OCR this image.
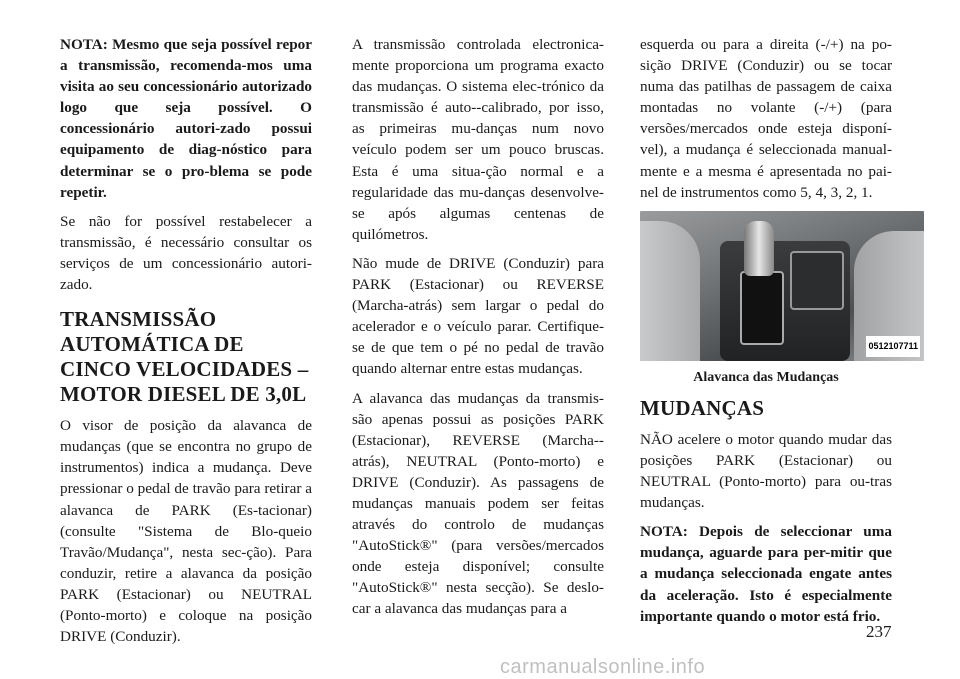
NOTA: Mesmo que seja possível repor a transmissão, recomenda-mos uma visita ao seu concessionário autorizado logo que seja possível. O concessionário autori-zado possui equipamento de diag-nóstico para determinar se o pro-blema se pode repetir.

Se não for possível restabelecer a transmissão, é necessário consultar os serviços de um concessionário autori-zado.

TRANSMISSÃO AUTOMÁTICA DE CINCO VELOCIDADES – MOTOR DIESEL DE 3,0L

O visor de posição da alavanca de mudanças (que se encontra no grupo de instrumentos) indica a mudança. Deve pressionar o pedal de travão para retirar a alavanca de PARK (Es-tacionar) (consulte "Sistema de Blo-queio Travão/Mudança", nesta sec-ção). Para conduzir, retire a alavanca da posição PARK (Estacionar) ou NEUTRAL (Ponto-morto) e coloque na posição DRIVE (Conduzir).

A transmissão controlada electronica-mente proporciona um programa exacto das mudanças. O sistema elec-trónico da transmissão é auto--calibrado, por isso, as primeiras mu-danças num novo veículo podem ser um pouco bruscas. Esta é uma situa-ção normal e a regularidade das mu-danças desenvolve-se após algumas centenas de quilómetros.

Não mude de DRIVE (Conduzir) para PARK (Estacionar) ou REVERSE (Marcha-atrás) sem largar o pedal do acelerador e o veículo parar. Certifique-se de que tem o pé no pedal de travão quando alternar entre estas mudanças.

A alavanca das mudanças da transmis-são apenas possui as posições PARK (Estacionar), REVERSE (Marcha--atrás), NEUTRAL (Ponto-morto) e DRIVE (Conduzir). As passagens de mudanças manuais podem ser feitas através do controlo de mudanças "AutoStick®" (para versões/mercados onde esteja disponível; consulte "AutoStick®" nesta secção). Se deslo-car a alavanca das mudanças para a

esquerda ou para a direita (-/+) na po-sição DRIVE (Conduzir) ou se tocar numa das patilhas de passagem de caixa montadas no volante (-/+) (para versões/mercados onde esteja disponí-vel), a mudança é seleccionada manual-mente e a mesma é apresentada no pai-nel de instrumentos como 5, 4, 3, 2, 1.

0512107711
Alavanca das Mudanças
MUDANÇAS

NÃO acelere o motor quando mudar das posições PARK (Estacionar) ou NEUTRAL (Ponto-morto) para ou-tras mudanças.

NOTA: Depois de seleccionar uma mudança, aguarde para per-mitir que a mudança seleccionada engate antes da aceleração. Isto é especialmente importante quando o motor está frio.

237
carmanualsonline.info
